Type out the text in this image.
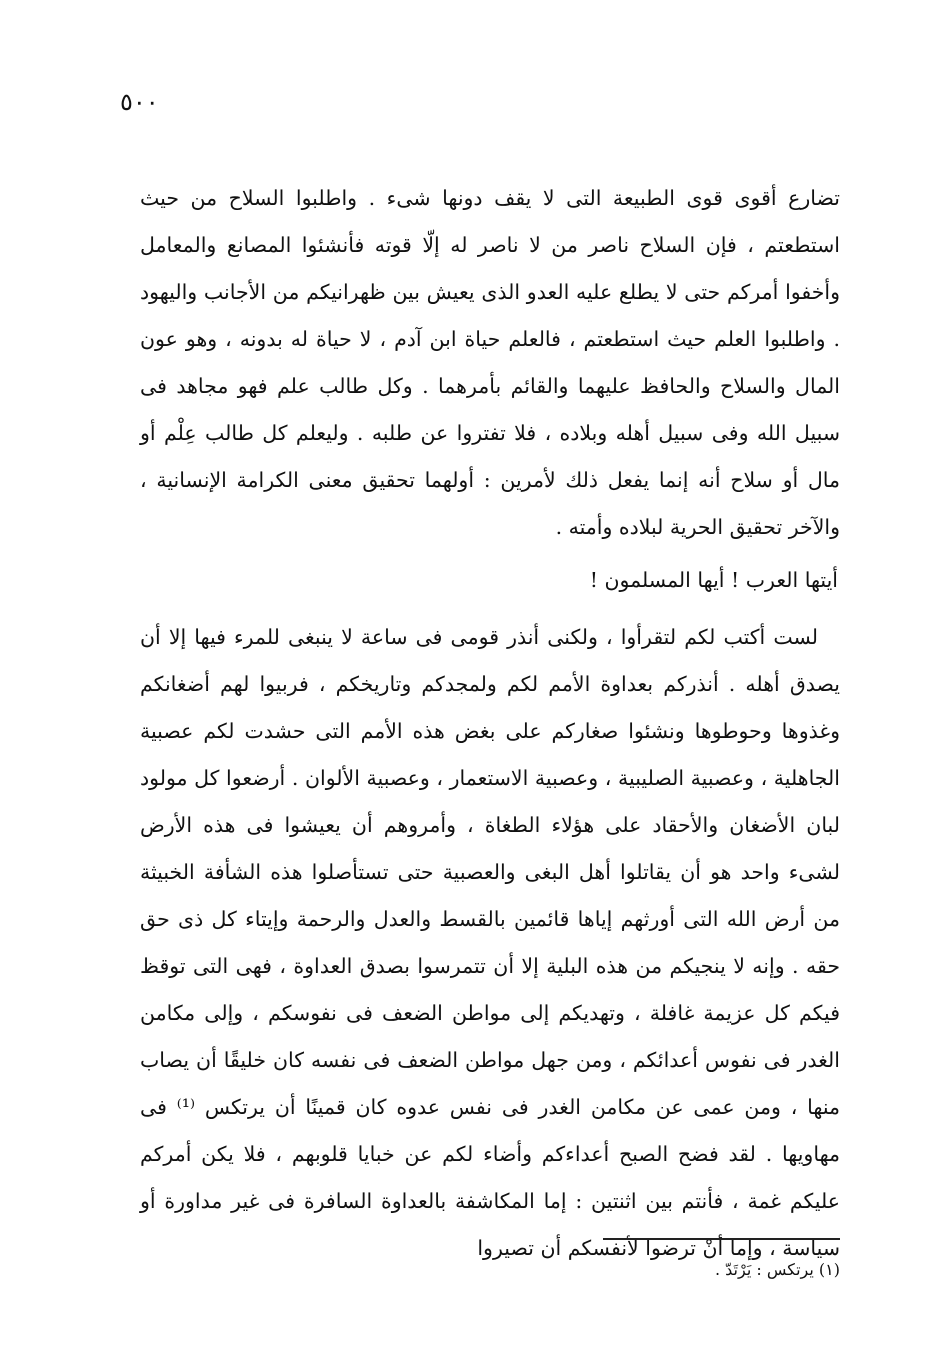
٥٠٠

تضارع أقوى قوى الطبيعة التى لا يقف دونها شىء . واطلبوا السلاح من حيث استطعتم ، فإن السلاح ناصر من لا ناصر له إلّا قوته فأنشئوا المصانع والمعامل وأخفوا أمركم حتى لا يطلع عليه العدو الذى يعيش بين ظهرانيكم من الأجانب واليهود . واطلبوا العلم حيث استطعتم ، فالعلم حياة ابن آدم ، لا حياة له بدونه ، وهو عون المال والسلاح والحافظ عليهما والقائم بأمرهما . وكل طالب علم فهو مجاهد فى سبيل الله وفى سبيل أهله وبلاده ، فلا تفتروا عن طلبه . وليعلم كل طالب عِلْم أو مال أو سلاح أنه إنما يفعل ذلك لأمرين : أولهما تحقيق معنى الكرامة الإنسانية ، والآخر تحقيق الحرية لبلاده وأمته .

أيتها العرب ! أيها المسلمون !

لست أكتب لكم لتقرأوا ، ولكنى أنذر قومى فى ساعة لا ينبغى للمرء فيها إلا أن يصدق أهله . أنذركم بعداوة الأمم لكم ولمجدكم وتاريخكم ، فربيوا لهم أضغانكم وغذوها وحوطوها ونشئوا صغاركم على بغض هذه الأمم التى حشدت لكم عصبية الجاهلية ، وعصبية الصليبية ، وعصبية الاستعمار ، وعصبية الألوان . أرضعوا كل مولود لبان الأضغان والأحقاد على هؤلاء الطغاة ، وأمروهم أن يعيشوا فى هذه الأرض لشىء واحد هو أن يقاتلوا أهل البغى والعصبية حتى تستأصلوا هذه الشأفة الخبيثة من أرض الله التى أورثهم إياها قائمين بالقسط والعدل والرحمة وإيتاء كل ذى حق حقه . وإنه لا ينجيكم من هذه البلية إلا أن تتمرسوا بصدق العداوة ، فهى التى توقظ فيكم كل عزيمة غافلة ، وتهديكم إلى مواطن الضعف فى نفوسكم ، وإلى مكامن الغدر فى نفوس أعدائكم ، ومن جهل مواطن الضعف فى نفسه كان خليقًا أن يصاب منها ، ومن عمى عن مكامن الغدر فى نفس عدوه كان قمينًا أن يرتكس ⁽¹⁾ فى مهاويها . لقد فضح الصبح أعداءكم وأضاء لكم عن خبايا قلوبهم ، فلا يكن أمركم عليكم غمة ، فأنتم بين اثنتين : إما المكاشفة بالعداوة السافرة فى غير مداورة أو سياسة ، وإما أنْ ترضوا لأنفسكم أن تصيروا

(١) يرتكس : يَرْتَدّ .
